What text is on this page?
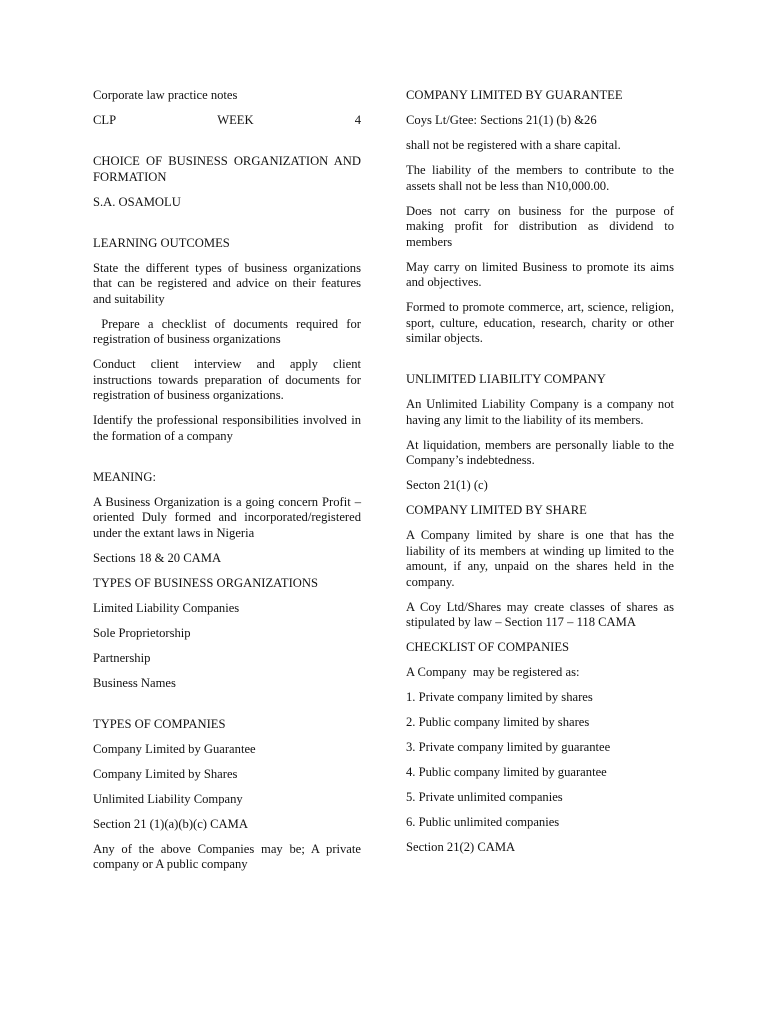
Corporate law practice notes

CLP	WEEK	4

CHOICE OF BUSINESS ORGANIZATION AND FORMATION

S.A. OSAMOLU

LEARNING OUTCOMES

State the different types of business organizations that can be registered and advice on their features and suitability

Prepare a checklist of documents required for registration of business organizations

Conduct client interview and apply client instructions towards preparation of documents for registration of business organizations.

Identify the professional responsibilities involved in the formation of a company

MEANING:

A Business Organization is a going concern Profit – oriented Duly formed and incorporated/registered under the extant laws in Nigeria

Sections 18 & 20 CAMA

TYPES OF BUSINESS ORGANIZATIONS

Limited Liability Companies

Sole Proprietorship

Partnership

Business Names

TYPES OF COMPANIES

Company Limited by Guarantee

Company Limited by Shares

Unlimited Liability Company

Section 21 (1)(a)(b)(c) CAMA

Any of the above Companies may be; A private company or A public company

COMPANY LIMITED BY GUARANTEE

Coys Lt/Gtee: Sections 21(1) (b) &26

shall not be registered with a share capital.

The liability of the members to contribute to the assets shall not be less than N10,000.00.

Does not carry on business for the purpose of making profit for distribution as dividend to members

May carry on limited Business to promote its aims and objectives.

Formed to promote commerce, art, science, religion, sport, culture, education, research, charity or other similar objects.

UNLIMITED LIABILITY COMPANY

An Unlimited Liability Company is a company not having any limit to the liability of its members.

At liquidation, members are personally liable to the Company’s indebtedness.

Secton 21(1) (c)

COMPANY LIMITED BY SHARE

A Company limited by share is one that has the liability of its members at winding up limited to the amount, if any, unpaid on the shares held in the company.

A Coy Ltd/Shares may create classes of shares as stipulated by law – Section 117 – 118 CAMA

CHECKLIST OF COMPANIES

A Company  may be registered as:

1. Private company limited by shares

2. Public company limited by shares

3. Private company limited by guarantee

4. Public company limited by guarantee

5. Private unlimited companies

6. Public unlimited companies

Section 21(2) CAMA
